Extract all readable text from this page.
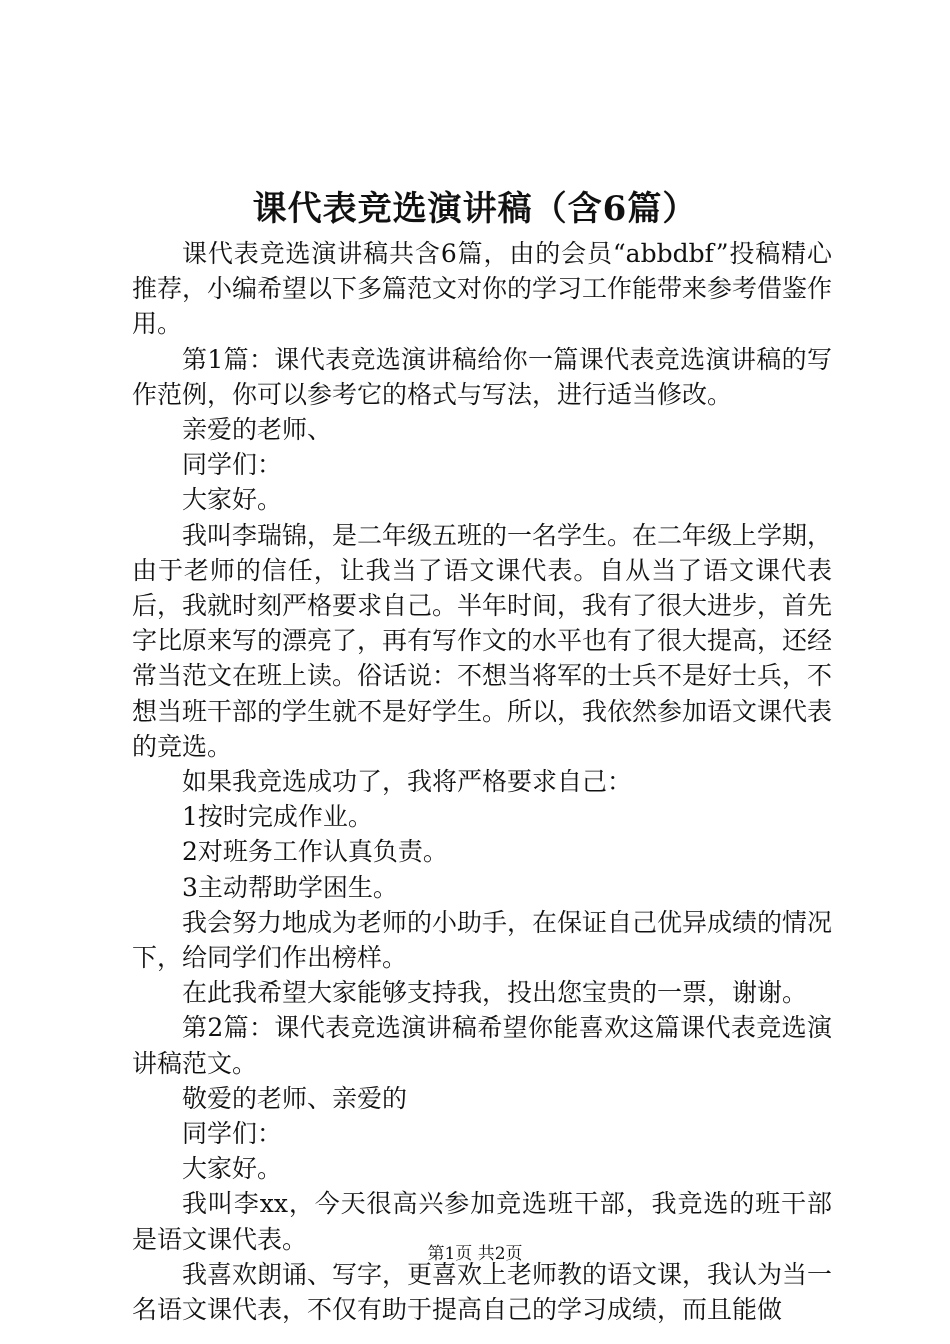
课代表竞选演讲稿（含6篇）

课代表竞选演讲稿共含6篇，由的会员“abbdbf”投稿精心推荐，小编希望以下多篇范文对你的学习工作能带来参考借鉴作用。

第1篇：课代表竞选演讲稿给你一篇课代表竞选演讲稿的写作范例，你可以参考它的格式与写法，进行适当修改。

亲爱的老师、

同学们：

大家好。

我叫李瑞锦，是二年级五班的一名学生。在二年级上学期，由于老师的信任，让我当了语文课代表。自从当了语文课代表后，我就时刻严格要求自己。半年时间，我有了很大进步，首先字比原来写的漂亮了，再有写作文的水平也有了很大提高，还经常当范文在班上读。俗话说：不想当将军的士兵不是好士兵，不想当班干部的学生就不是好学生。所以，我依然参加语文课代表的竞选。

如果我竞选成功了，我将严格要求自己：

1按时完成作业。

2对班务工作认真负责。

3主动帮助学困生。

我会努力地成为老师的小助手，在保证自己优异成绩的情况下，给同学们作出榜样。

在此我希望大家能够支持我，投出您宝贵的一票，谢谢。

第2篇：课代表竞选演讲稿希望你能喜欢这篇课代表竞选演讲稿范文。

敬爱的老师、亲爱的

同学们：

大家好。

我叫李xx，今天很高兴参加竞选班干部，我竞选的班干部是语文课代表。

我喜欢朗诵、写字，更喜欢上老师教的语文课，我认为当一名语文课代表，不仅有助于提高自己的学习成绩，而且能做

第1页 共2页
